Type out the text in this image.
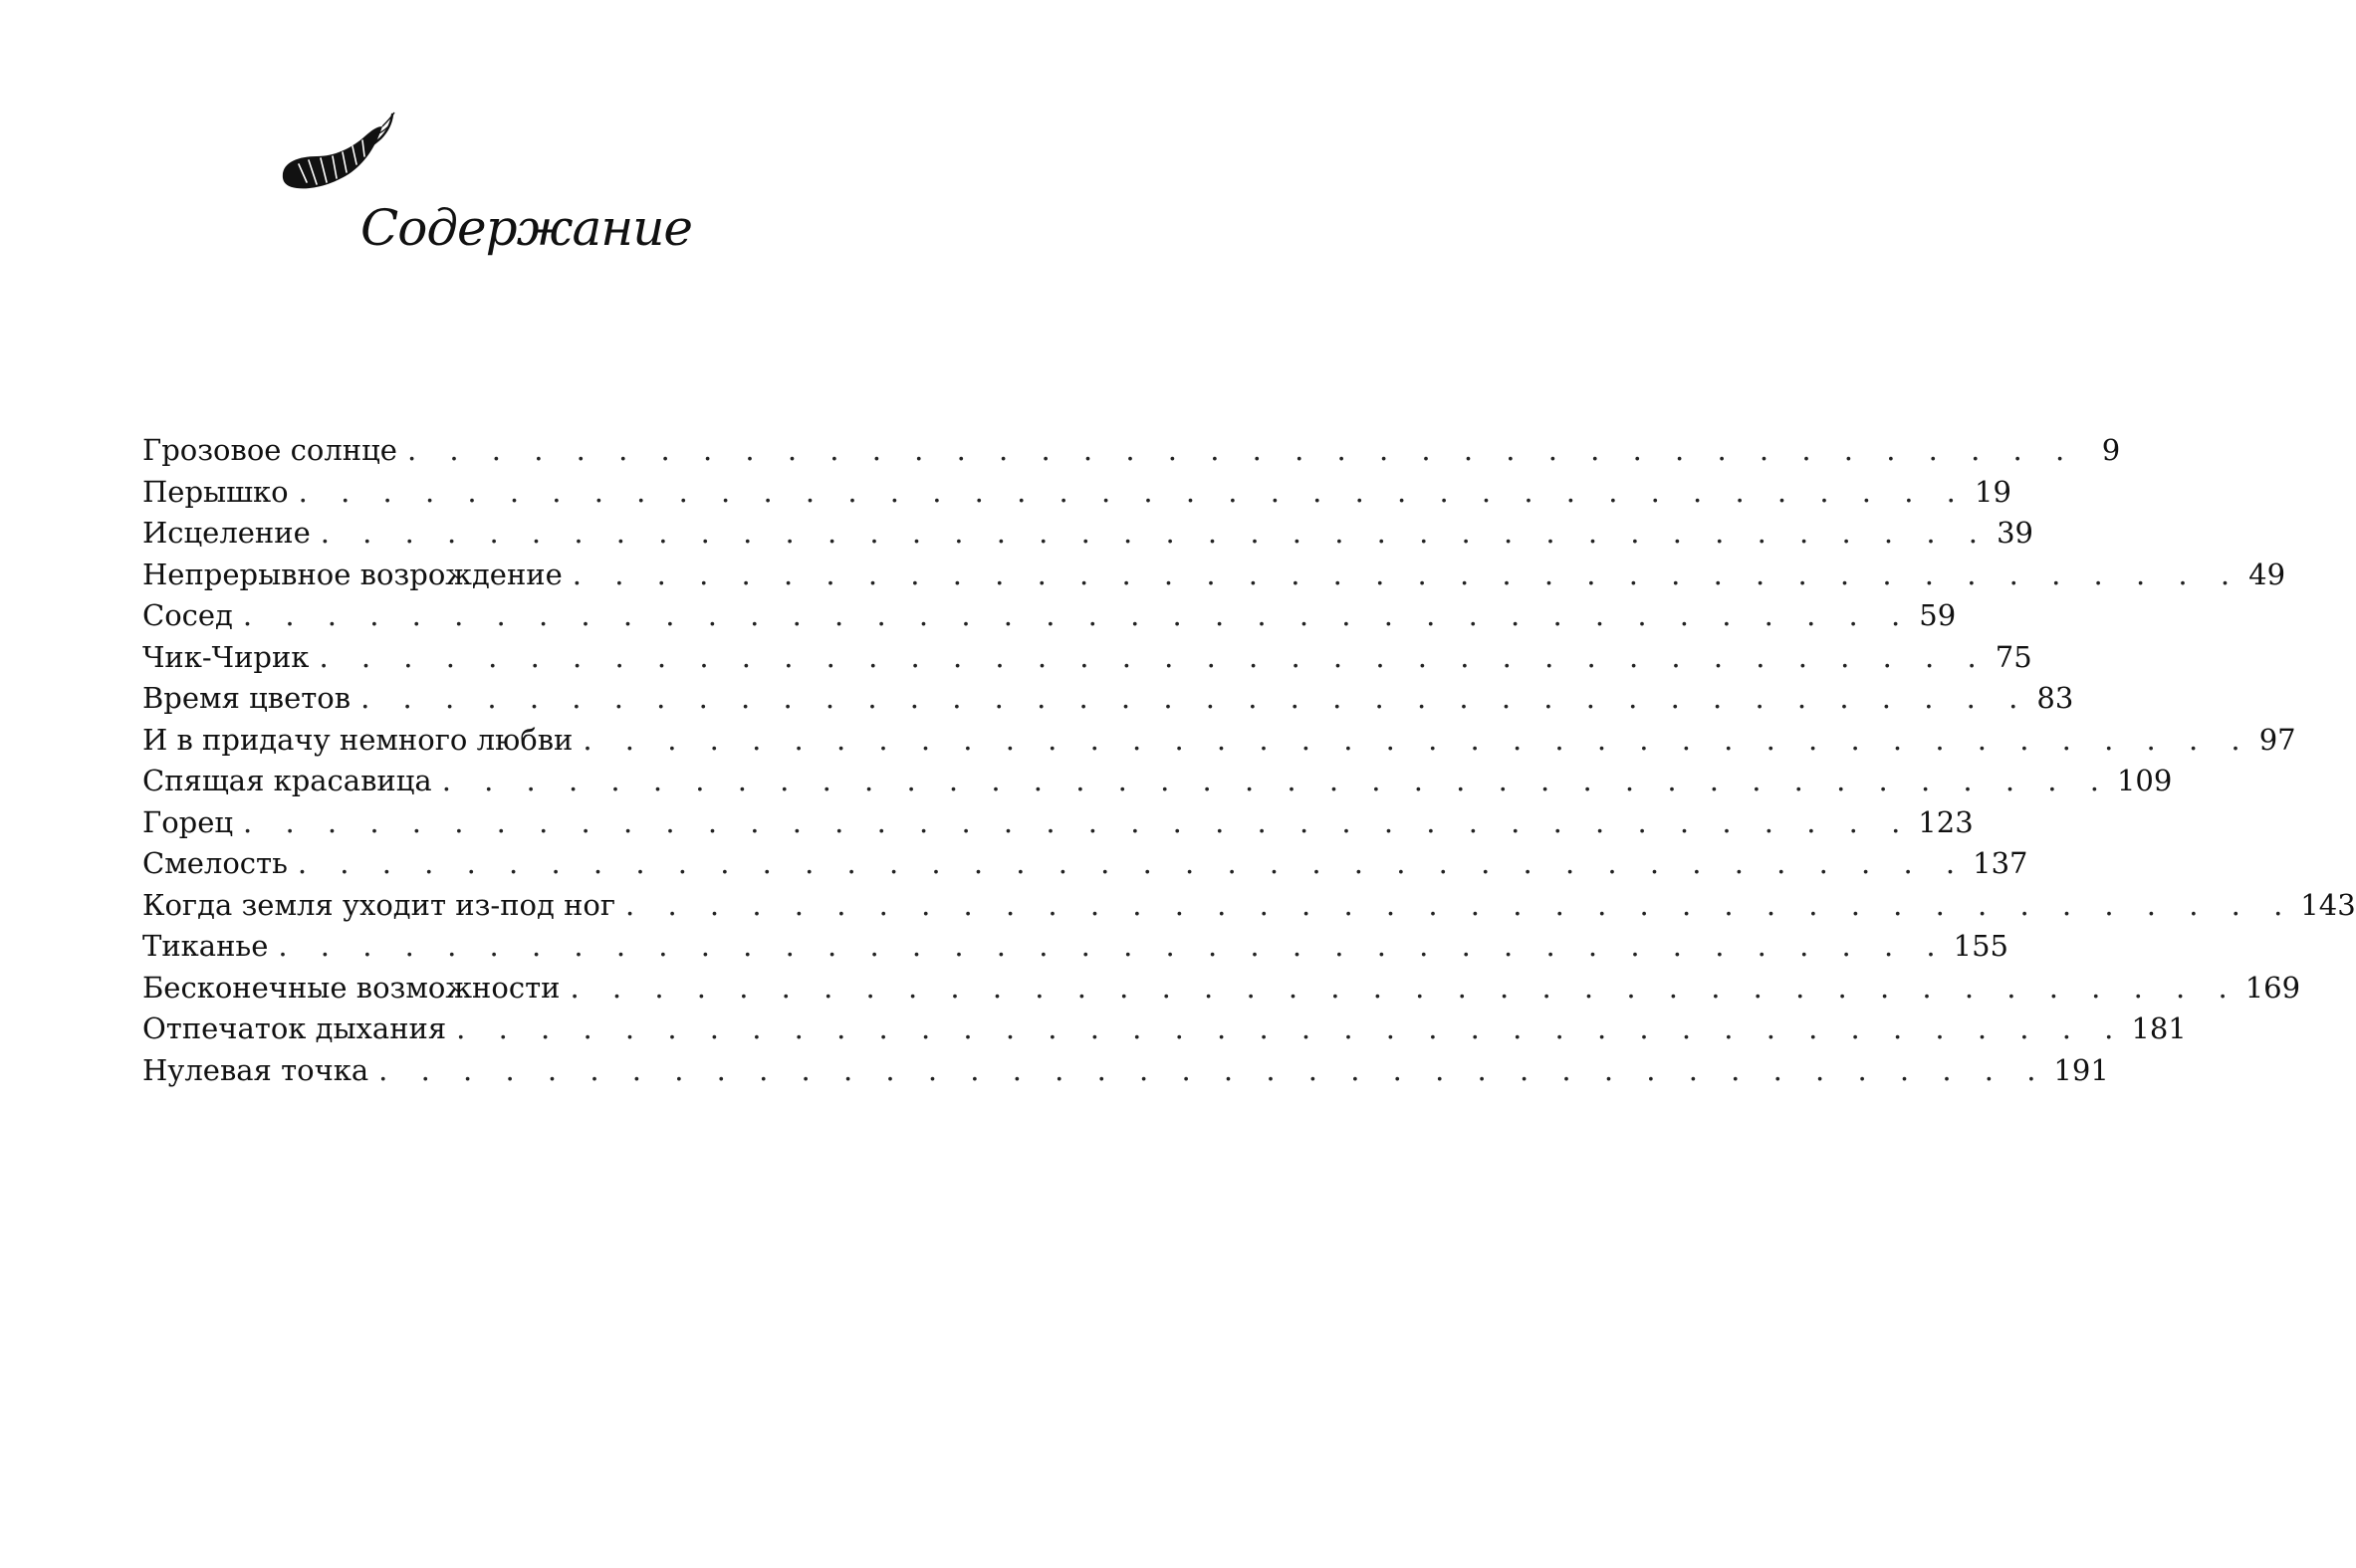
Содержание
Грозовое солнце . . . . . . . . . . . . . . . . . . . . . . . . . . . . . . . . . . . . . . . . 9
Перышко . . . . . . . . . . . . . . . . . . . . . . . . . . . . . . . . . . . . . . . . 19
Исцеление . . . . . . . . . . . . . . . . . . . . . . . . . . . . . . . . . . . . . . . . 39
Непрерывное возрождение . . . . . . . . . . . . . . . . . . . . . . . . . . . . . . . . . . . . . . . . 49
Сосед . . . . . . . . . . . . . . . . . . . . . . . . . . . . . . . . . . . . . . . . 59
Чик-Чирик . . . . . . . . . . . . . . . . . . . . . . . . . . . . . . . . . . . . . . . . 75
Время цветов . . . . . . . . . . . . . . . . . . . . . . . . . . . . . . . . . . . . . . . . 83
И в придачу немного любви . . . . . . . . . . . . . . . . . . . . . . . . . . . . . . . . . . . . . . . . 97
Спящая красавица . . . . . . . . . . . . . . . . . . . . . . . . . . . . . . . . . . . . . . . . 109
Горец . . . . . . . . . . . . . . . . . . . . . . . . . . . . . . . . . . . . . . . . 123
Смелость . . . . . . . . . . . . . . . . . . . . . . . . . . . . . . . . . . . . . . . . 137
Когда земля уходит из-под ног . . . . . . . . . . . . . . . . . . . . . . . . . . . . . . . . . . . . . . . . 143
Тиканье . . . . . . . . . . . . . . . . . . . . . . . . . . . . . . . . . . . . . . . . 155
Бесконечные возможности . . . . . . . . . . . . . . . . . . . . . . . . . . . . . . . . . . . . . . . . 169
Отпечаток дыхания . . . . . . . . . . . . . . . . . . . . . . . . . . . . . . . . . . . . . . . . 181
Нулевая точка . . . . . . . . . . . . . . . . . . . . . . . . . . . . . . . . . . . . . . . . 191
